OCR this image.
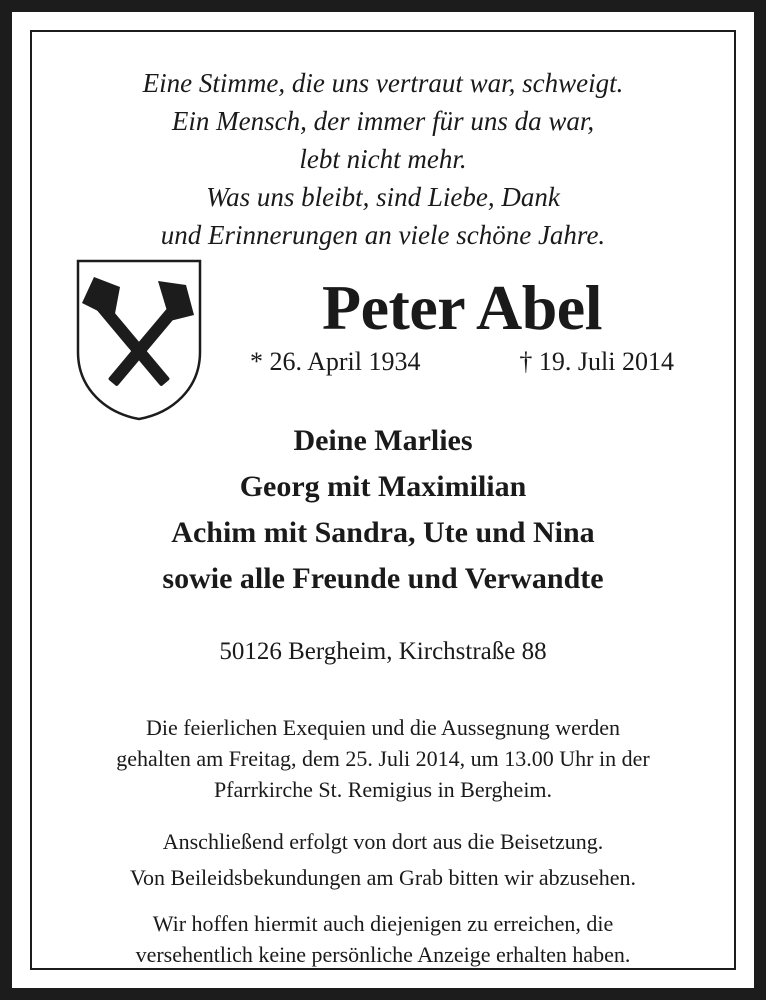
Eine Stimme, die uns vertraut war, schweigt.
Ein Mensch, der immer für uns da war,
lebt nicht mehr.
Was uns bleibt, sind Liebe, Dank
und Erinnerungen an viele schöne Jahre.
Peter Abel
* 26. April 1934	† 19. Juli 2014
Deine Marlies
Georg mit Maximilian
Achim mit Sandra, Ute und Nina
sowie alle Freunde und Verwandte
50126 Bergheim, Kirchstraße 88
Die feierlichen Exequien und die Aussegnung werden
gehalten am Freitag, dem 25. Juli 2014, um 13.00 Uhr in der
Pfarrkirche St. Remigius in Bergheim.
Anschließend erfolgt von dort aus die Beisetzung.
Von Beileidsbekundungen am Grab bitten wir abzusehen.
Wir hoffen hiermit auch diejenigen zu erreichen, die
versehentlich keine persönliche Anzeige erhalten haben.
